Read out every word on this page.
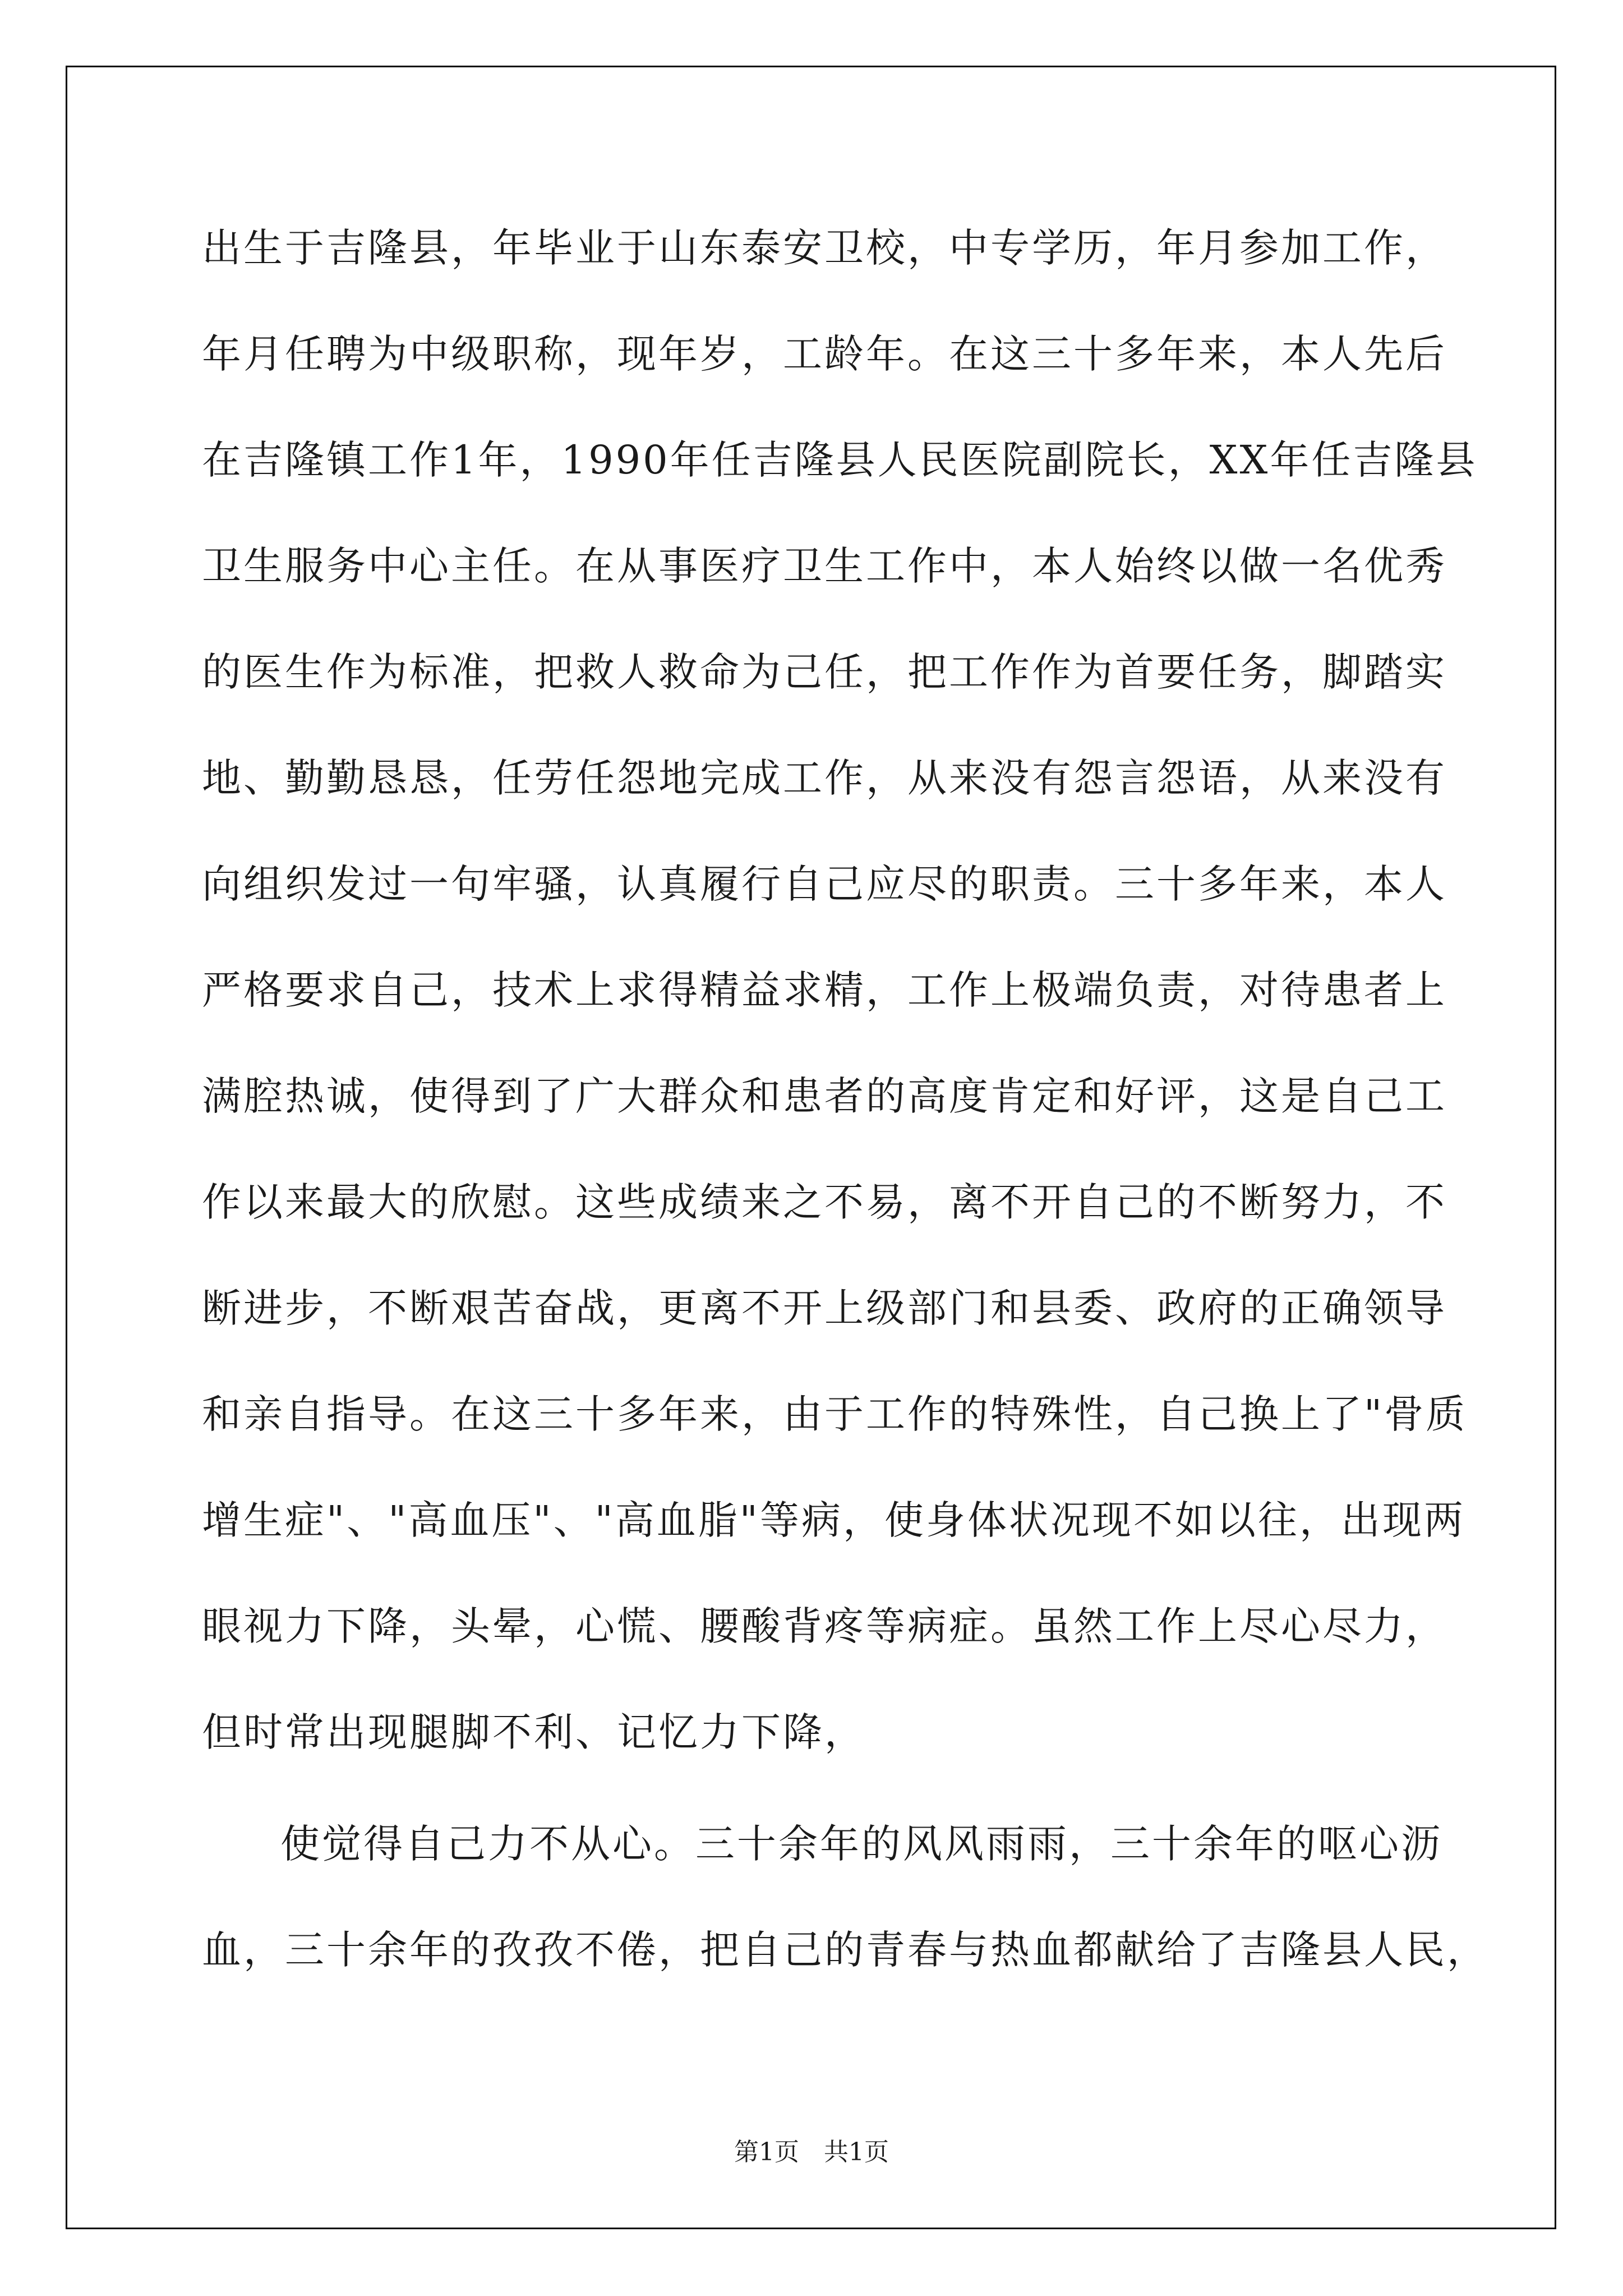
出生于吉隆县，年毕业于山东泰安卫校，中专学历，年月参加工作，
年月任聘为中级职称，现年岁，工龄年。在这三十多年来，本人先后
在吉隆镇工作1年，1990年任吉隆县人民医院副院长，XX年任吉隆县
卫生服务中心主任。在从事医疗卫生工作中，本人始终以做一名优秀
的医生作为标准，把救人救命为己任，把工作作为首要任务，脚踏实
地、勤勤恳恳，任劳任怨地完成工作，从来没有怨言怨语，从来没有
向组织发过一句牢骚，认真履行自己应尽的职责。三十多年来，本人
严格要求自己，技术上求得精益求精，工作上极端负责，对待患者上
满腔热诚，使得到了广大群众和患者的高度肯定和好评，这是自己工
作以来最大的欣慰。这些成绩来之不易，离不开自己的不断努力，不
断进步，不断艰苦奋战，更离不开上级部门和县委、政府的正确领导
和亲自指导。在这三十多年来，由于工作的特殊性，自己换上了"骨质
增生症"、"高血压"、"高血脂"等病，使身体状况现不如以往，出现两
眼视力下降，头晕，心慌、腰酸背疼等病症。虽然工作上尽心尽力，
但时常出现腿脚不利、记忆力下降，
使觉得自己力不从心。三十余年的风风雨雨，三十余年的呕心沥
血，三十余年的孜孜不倦，把自己的青春与热血都献给了吉隆县人民，
第1页　共1页
